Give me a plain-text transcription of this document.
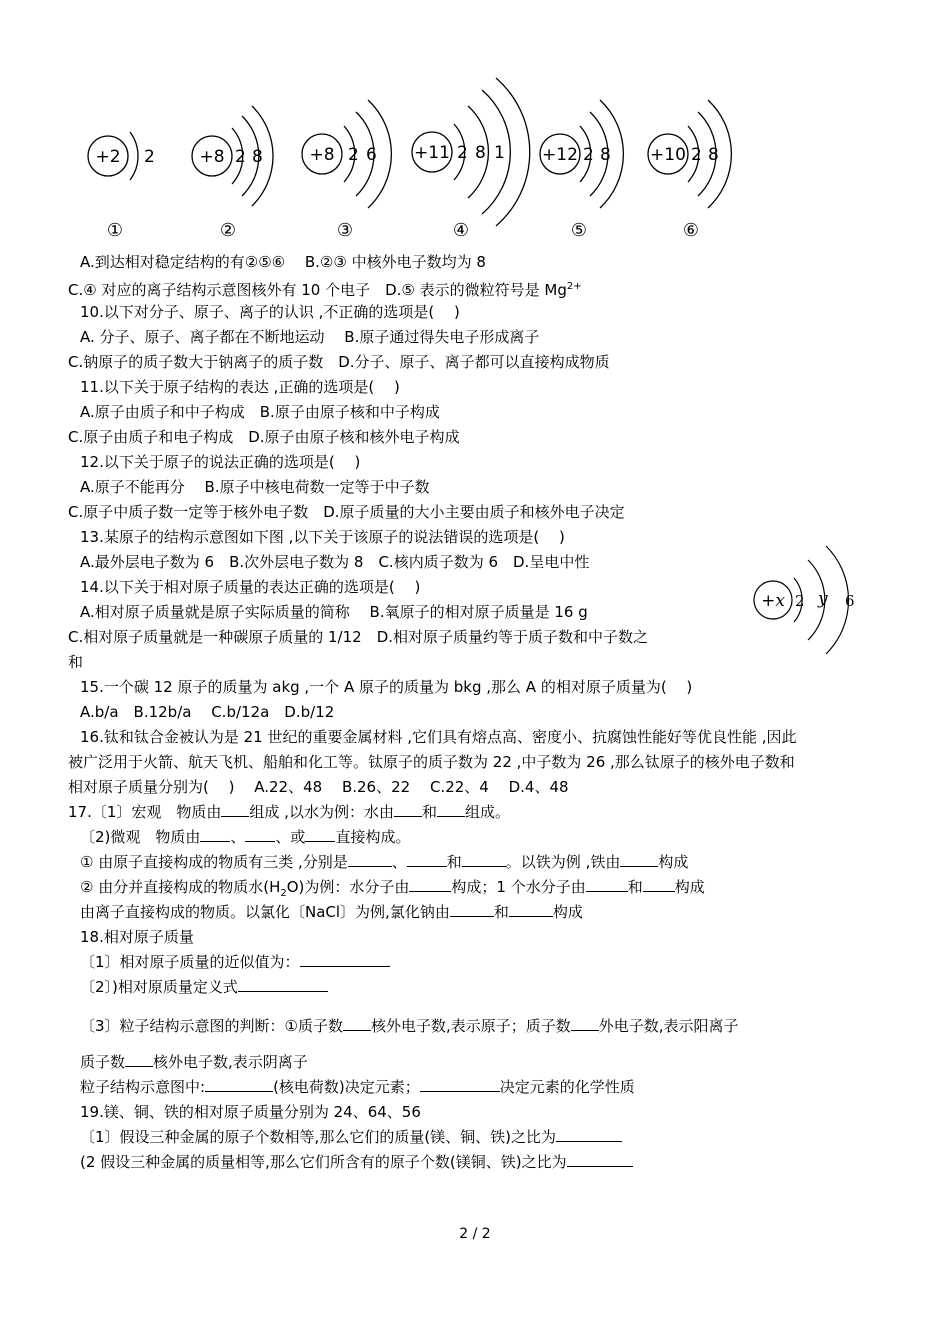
+2 2	+8 2 8	+8 2 6 +11 2 8 1 +12 2 8 +10 2 8
①	②	③	④	⑤	⑥
+x 2 y 6
A.到达相对稳定结构的有②⑤⑥　 B.②③ 中核外电子数均为 8
C.④ 对应的离子结构示意图核外有 10 个电子　D.⑤ 表示的微粒符号是 $Mg^{2+}$
10.以下对分子、原子、离子的认识 ,不正确的选项是(　 )
A. 分子、原子、离子都在不断地运动　 B.原子通过得失电子形成离子
C.钠原子的质子数大于钠离子的质子数　D.分子、原子、离子都可以直接构成物质
11.以下关于原子结构的表达 ,正确的选项是(　 )
A.原子由质子和中子构成　B.原子由原子核和中子构成
C.原子由质子和电子构成　D.原子由原子核和核外电子构成
12.以下关于原子的说法正确的选项是(　 )
A.原子不能再分　 B.原子中核电荷数一定等于中子数
C.原子中质子数一定等于核外电子数　D.原子质量的大小主要由质子和核外电子决定
13.某原子的结构示意图如下图 ,以下关于该原子的说法错误的选项是(　 )
A.最外层电子数为 6　B.次外层电子数为 8　C.核内质子数为 6　D.呈电中性
14.以下关于相对原子质量的表达正确的选项是(　 )
A.相对原子质量就是原子实际质量的简称　 B.氧原子的相对原子质量是 16 g
C.相对原子质量就是一种碳原子质量的 1/12　D.相对原子质量约等于质子数和中子数之
和
15.一个碳 12 原子的质量为 akg ,一个 A 原子的质量为 bkg ,那么 A 的相对原子质量为(　 )
A.b/a　B.12b/a　 C.b/12a　D.b/12
16.钛和钛合金被认为是 21 世纪的重要金属材料 ,它们具有熔点高、密度小、抗腐蚀性能好等优良性能 ,因此
被广泛用于火箭、航天飞机、船舶和化工等。钛原子的质子数为 22 ,中子数为 26 ,那么钛原子的核外电子数和
相对原子质量分别为(　 )　 A.22、48　 B.26、22　 C.22、4　 D.4、48
17.〔1〕宏观　物质由 组成 ,以水为例：水由 和 组成。
〔2)微观　物质由 、 、或 直接构成。
① 由原子直接构成的物质有三类 ,分别是	、	和	。以铁为例 ,铁由	构成
② 由分并直接构成的物质水$(H_2O)$为例：水分子由	构成；1 个水分子由	和 构成
由离子直接构成的物质。以氯化〔NaCl〕为例,氯化钠由	和	构成
18.相对原子质量
〔1〕相对原子质量的近似值为：
〔2〕)相对原质量定义式
〔3〕粒子结构示意图的判断：①质子数 核外电子数,表示原子；质子数 外电子数,表示阳离子
质子数 核外电子数,表示阴离子
粒子结构示意图中:	(核电荷数)决定元素；	决定元素的化学性质
19.镁、铜、铁的相对原子质量分别为 24、64、56
〔1〕假设三种金属的原子个数相等,那么它们的质量(镁、铜、铁)之比为
(2 假设三种金属的质量相等,那么它们所含有的原子个数(镁铜、铁)之比为
2 / 2
